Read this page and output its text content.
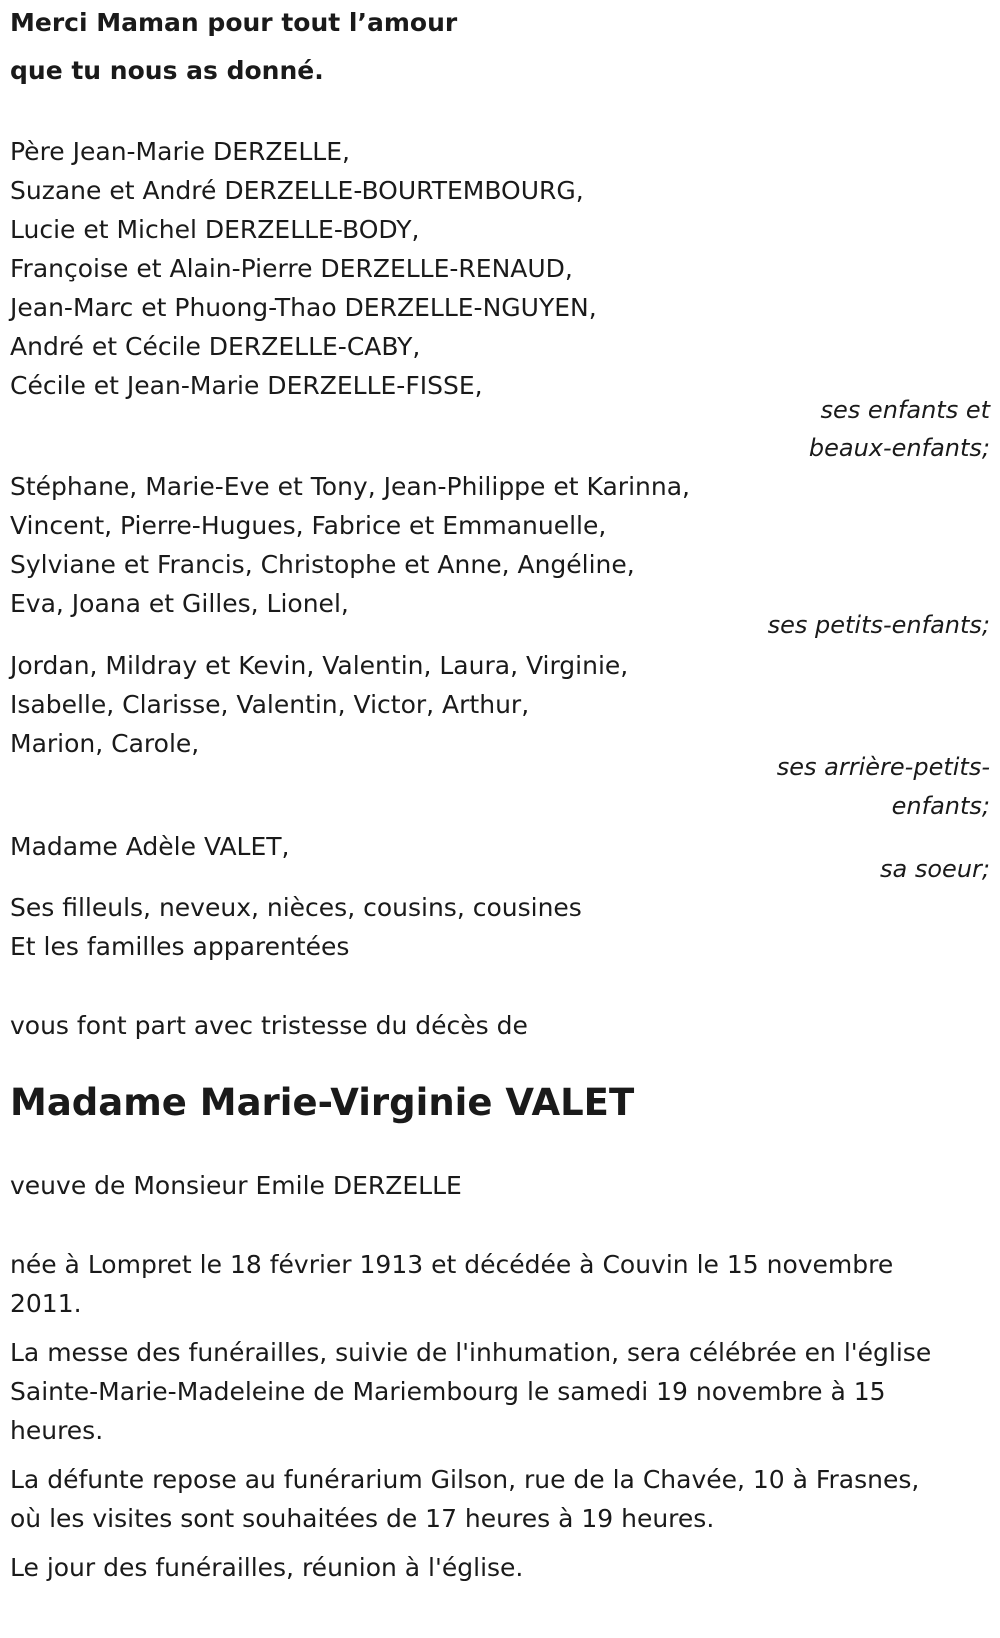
Merci Maman pour tout l’amour
que tu nous as donné.
Père Jean-Marie DERZELLE,
Suzane et André DERZELLE-BOURTEMBOURG,
Lucie et Michel DERZELLE-BODY,
Françoise et Alain-Pierre DERZELLE-RENAUD,
Jean-Marc et Phuong-Thao DERZELLE-NGUYEN,
André et Cécile DERZELLE-CABY,
Cécile et Jean-Marie DERZELLE-FISSE,
ses enfants et
beaux-enfants;
Stéphane, Marie-Eve et Tony, Jean-Philippe et Karinna,
Vincent, Pierre-Hugues, Fabrice et Emmanuelle,
Sylviane et Francis, Christophe et Anne, Angéline,
Eva, Joana et Gilles, Lionel,
ses petits-enfants;
Jordan, Mildray et Kevin, Valentin, Laura, Virginie,
Isabelle, Clarisse, Valentin, Victor, Arthur,
Marion, Carole,
ses arrière-petits-
enfants;
Madame Adèle VALET,
sa soeur;
Ses filleuls, neveux, nièces, cousins, cousines
Et les familles apparentées
vous font part avec tristesse du décès de
Madame Marie-Virginie VALET
veuve de Monsieur Emile DERZELLE
née à Lompret le 18 février 1913 et décédée à Couvin le 15 novembre
2011.
La messe des funérailles, suivie de l'inhumation, sera célébrée en l'église
Sainte-Marie-Madeleine de Mariembourg le samedi 19 novembre à 15
heures.
La défunte repose au funérarium Gilson, rue de la Chavée, 10 à Frasnes,
où les visites sont souhaitées de 17 heures à 19 heures.
Le jour des funérailles, réunion à l'église.
